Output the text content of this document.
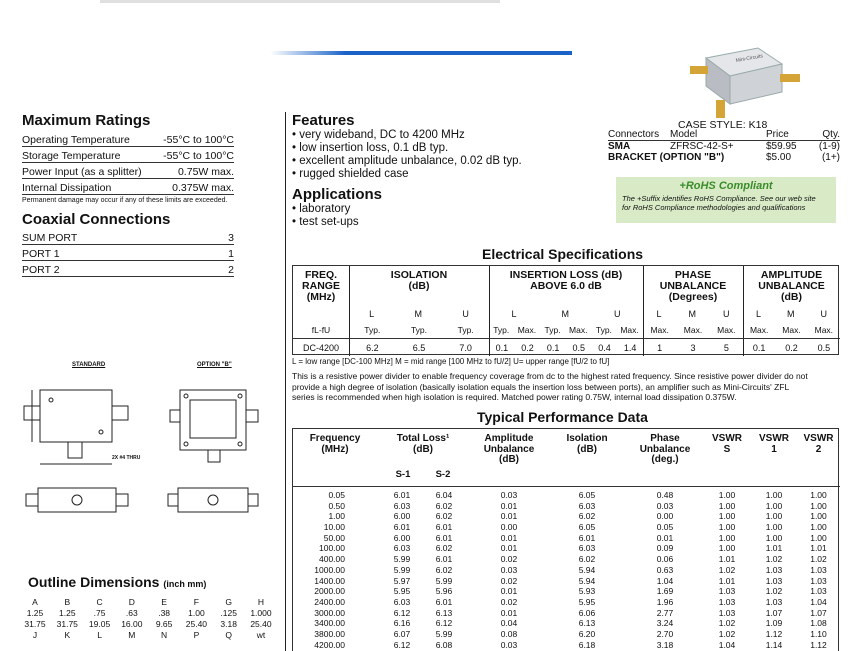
Mini-Circuits
Maximum Ratings
Operating Temperature	-55°C to 100°C
Storage Temperature	-55°C to 100°C
Power Input (as a splitter)	0.75W max.
Internal Dissipation	0.375W max.
Permanent damage may occur if any of these limits are exceeded.
Coaxial Connections
SUM PORT	3
PORT 1	1
PORT 2	2
Features
• very wideband, DC to 4200 MHz
• low insertion loss, 0.1 dB typ.
• excellent amplitude unbalance, 0.02 dB typ.
• rugged shielded case
Applications
• laboratory
• test set-ups
CASE STYLE: K18
Connectors	Model	Price	Qty.
SMA	ZFRSC-42-S+	$59.95	(1-9)
BRACKET (OPTION "B")	$5.00	(1+)
+RoHS Compliant
The +Suffix identifies RoHS Compliance. See our web site
for RoHS Compliance methodologies and qualifications
Electrical Specifications
FREQ.
RANGE
(MHz)
ISOLATION
(dB)
INSERTION LOSS (dB)
ABOVE 6.0 dB
PHASE
UNBALANCE
(Degrees)
AMPLITUDE
UNBALANCE
(dB)
L	M	U	L	M	U	L	M	U	L	M	U
fL-fU	Typ.	Typ.	Typ. Typ. Max. Typ. Max. Typ. Max. Max. Max. Max. Max. Max. Max.
DC-4200	6.2	6.5	7.0	0.1 0.2 0.1 0.5 0.4 1.4 1	3	5	0.1 0.2 0.5
L = low range [DC-100 MHz] M = mid range [100 MHz to fU/2] U= upper range [fU/2 to fU]
This is a resistive power divider to enable frequency coverage from dc to the highest rated frequency. Since resistive power divider do not
provide a high degree of isolation (basically isolation equals the insertion loss between ports), an amplifier such as Mini-Circuits' ZFL
series is recommended when high isolation is required. Matched power rating 0.75W, internal load dissipation 0.375W.
Typical Performance Data
Frequency
(MHz)
Total Loss¹
(dB)
S-1	S-2
Amplitude
Unbalance
(dB)
Isolation
(dB)
Phase
Unbalance
(deg.)
VSWR
S
VSWR
1
VSWR
2
0.05	6.01	6.04	0.03	6.05	0.48	1.00	1.00	1.00
0.50	6.03	6.02	0.01	6.03	0.03	1.00	1.00	1.00
1.00	6.00	6.02	0.01	6.02	0.00	1.00	1.00	1.00
10.00	6.01	6.01	0.00	6.05	0.05	1.00	1.00	1.00
50.00	6.00	6.01	0.01	6.01	0.01	1.00	1.00	1.00
100.00	6.03	6.02	0.01	6.03	0.09	1.00	1.01	1.01
400.00	5.99	6.01	0.02	6.02	0.06	1.01	1.02	1.02
1000.00	5.99	6.02	0.03	5.94	0.63	1.02	1.03	1.03
1400.00	5.97	5.99	0.02	5.94	1.04	1.01	1.03	1.03
2000.00	5.95	5.96	0.01	5.93	1.69	1.03	1.02	1.03
2400.00	6.03	6.01	0.02	5.95	1.96	1.03	1.03	1.04
3000.00	6.12	6.13	0.01	6.06	2.77	1.03	1.07	1.07
3400.00	6.16	6.12	0.04	6.13	3.24	1.02	1.09	1.08
3800.00	6.07	5.99	0.08	6.20	2.70	1.02	1.12	1.10
4200.00	6.12	6.08	0.03	6.18	3.18	1.04	1.14	1.12
STANDARD	OPTION "B"
2X #4 THRU
Outline Dimensions (inch mm)
A	B	C	D	E	F	G	H
1.25	1.25	.75	.63	.38	1.00	.125	1.000
31.75	31.75	19.05	16.00	9.65	25.40	3.18	25.40
J	K	L	M	N	P	Q	wt
